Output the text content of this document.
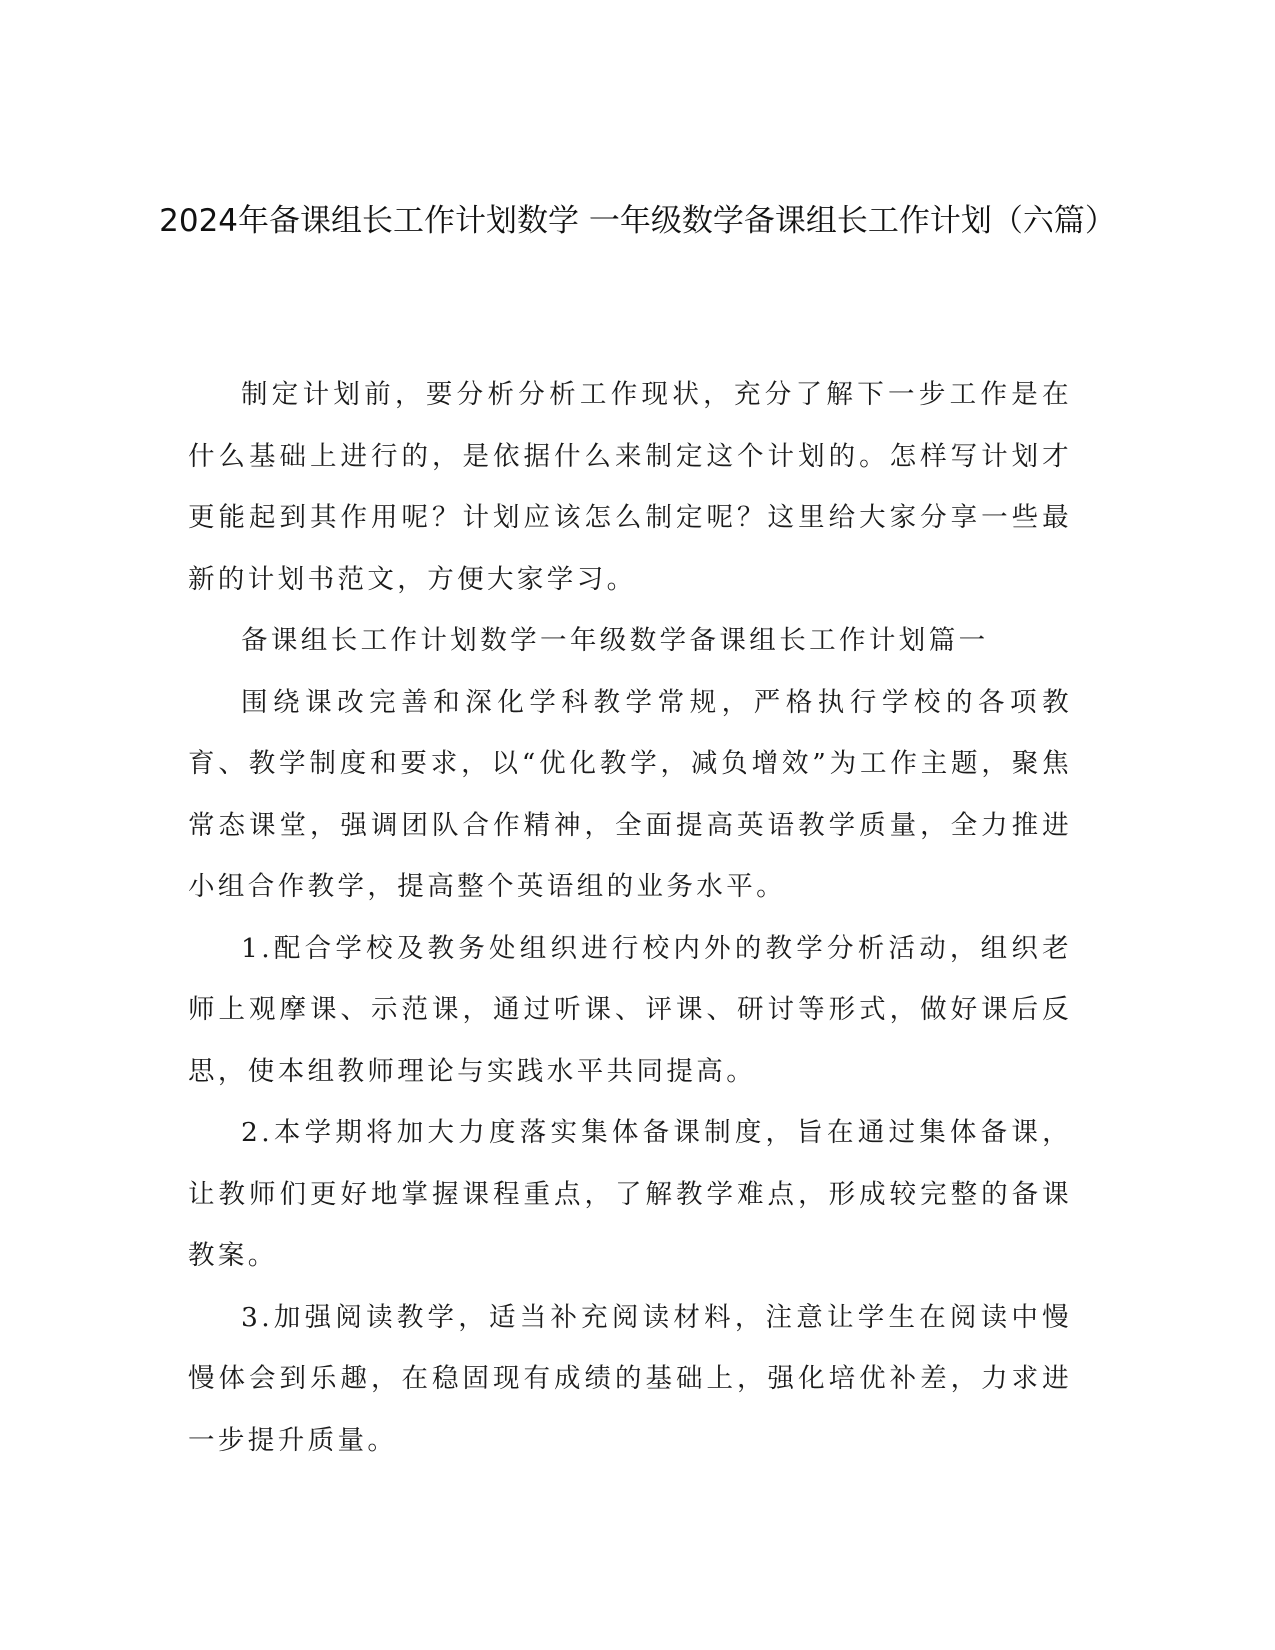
2024年备课组长工作计划数学 一年级数学备课组长工作计划（六篇）

制定计划前，要分析分析工作现状，充分了解下一步工作是在什么基础上进行的，是依据什么来制定这个计划的。怎样写计划才更能起到其作用呢？计划应该怎么制定呢？这里给大家分享一些最新的计划书范文，方便大家学习。

备课组长工作计划数学一年级数学备课组长工作计划篇一

围绕课改完善和深化学科教学常规，严格执行学校的各项教育、教学制度和要求，以“优化教学，减负增效”为工作主题，聚焦常态课堂，强调团队合作精神，全面提高英语教学质量，全力推进小组合作教学，提高整个英语组的业务水平。

1.配合学校及教务处组织进行校内外的教学分析活动，组织老师上观摩课、示范课，通过听课、评课、研讨等形式，做好课后反思，使本组教师理论与实践水平共同提高。

2.本学期将加大力度落实集体备课制度，旨在通过集体备课，让教师们更好地掌握课程重点，了解教学难点，形成较完整的备课教案。

3.加强阅读教学，适当补充阅读材料，注意让学生在阅读中慢慢体会到乐趣，在稳固现有成绩的基础上，强化培优补差，力求进一步提升质量。
